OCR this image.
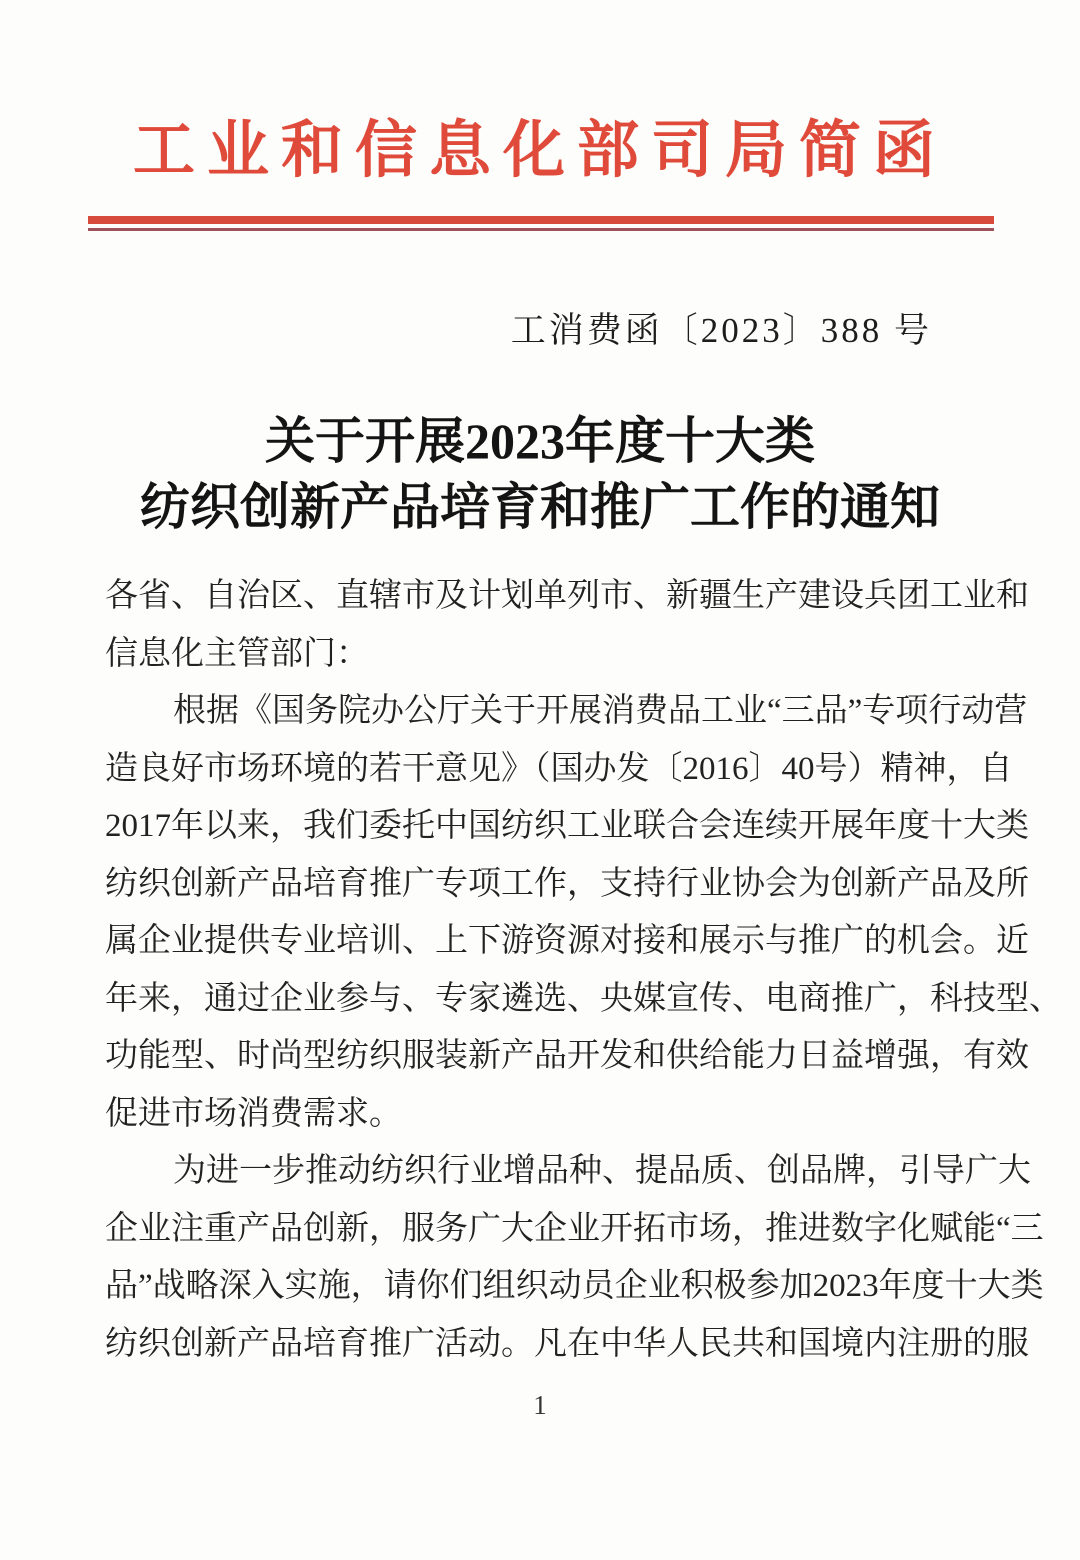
工业和信息化部司局简函
工消费函〔2023〕388 号
关于开展2023年度十大类
纺织创新产品培育和推广工作的通知
各省、自治区、直辖市及计划单列市、新疆生产建设兵团工业和
信息化主管部门：
根据《国务院办公厅关于开展消费品工业“三品”专项行动营
造良好市场环境的若干意见》（国办发〔2016〕40号）精神，自
2017年以来，我们委托中国纺织工业联合会连续开展年度十大类
纺织创新产品培育推广专项工作，支持行业协会为创新产品及所
属企业提供专业培训、上下游资源对接和展示与推广的机会。近
年来，通过企业参与、专家遴选、央媒宣传、电商推广，科技型、
功能型、时尚型纺织服装新产品开发和供给能力日益增强，有效
促进市场消费需求。
为进一步推动纺织行业增品种、提品质、创品牌，引导广大
企业注重产品创新，服务广大企业开拓市场，推进数字化赋能“三
品”战略深入实施，请你们组织动员企业积极参加2023年度十大类
纺织创新产品培育推广活动。凡在中华人民共和国境内注册的服
1
